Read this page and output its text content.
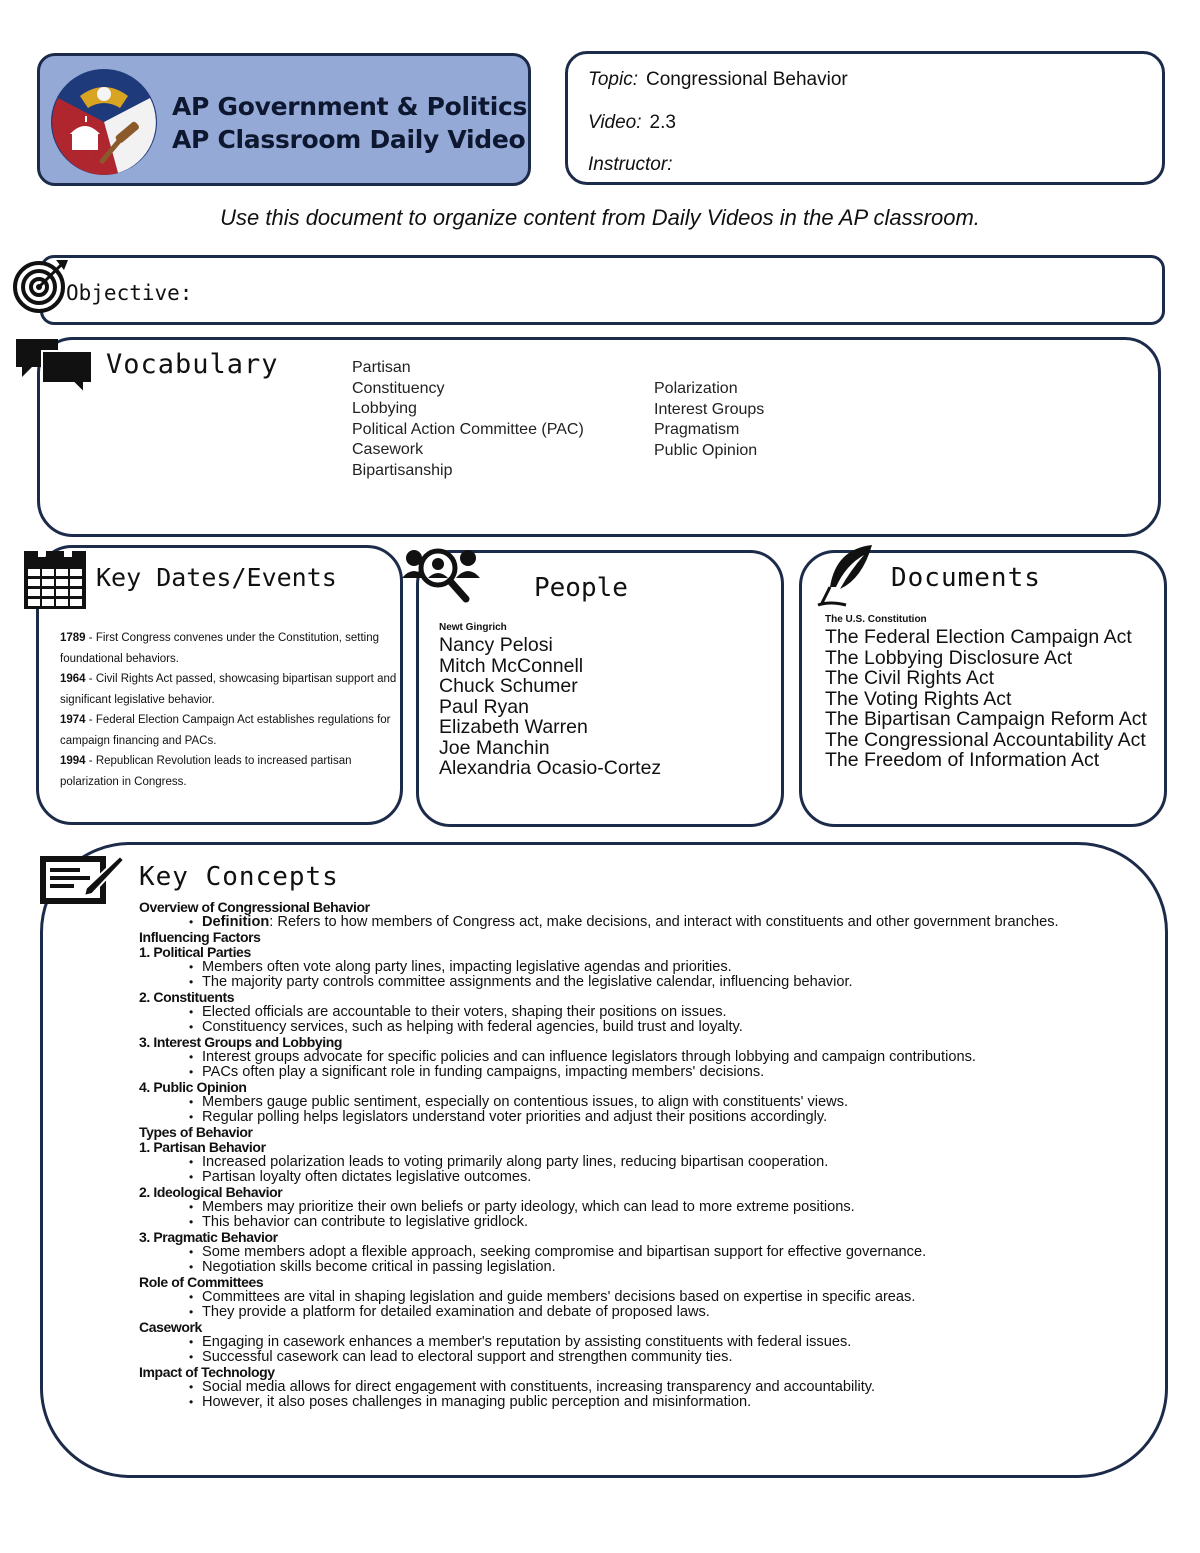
AP Government & Politics
AP Classroom Daily Video
Topic: Congressional Behavior
Video: 2.3
Instructor:
Use this document to organize content from Daily Videos in the AP classroom.
Objective:
Vocabulary	Partisan
Constituency
Lobbying
Political Action Committee (PAC)
Casework
Bipartisanship
Polarization
Interest Groups
Pragmatism
Public Opinion
Key Dates/Events
1789 - First Congress convenes under the Constitution, setting foundational behaviors.
1964 - Civil Rights Act passed, showcasing bipartisan support and significant legislative behavior.
1974 - Federal Election Campaign Act establishes regulations for campaign financing and PACs.
1994 - Republican Revolution leads to increased partisan polarization in Congress.
People
Newt Gingrich
Nancy Pelosi
Mitch McConnell
Chuck Schumer
Paul Ryan
Elizabeth Warren
Joe Manchin
Alexandria Ocasio-Cortez
Documents
The U.S. Constitution
The Federal Election Campaign Act
The Lobbying Disclosure Act
The Civil Rights Act
The Voting Rights Act
The Bipartisan Campaign Reform Act
The Congressional Accountability Act
The Freedom of Information Act
Key Concepts
Overview of Congressional Behavior
• Definition: Refers to how members of Congress act, make decisions, and interact with constituents and other government branches.
Influencing Factors
1. Political Parties
• Members often vote along party lines, impacting legislative agendas and priorities.
• The majority party controls committee assignments and the legislative calendar, influencing behavior.
2. Constituents
• Elected officials are accountable to their voters, shaping their positions on issues.
• Constituency services, such as helping with federal agencies, build trust and loyalty.
3. Interest Groups and Lobbying
• Interest groups advocate for specific policies and can influence legislators through lobbying and campaign contributions.
• PACs often play a significant role in funding campaigns, impacting members' decisions.
4. Public Opinion
• Members gauge public sentiment, especially on contentious issues, to align with constituents' views.
• Regular polling helps legislators understand voter priorities and adjust their positions accordingly.
Types of Behavior
1. Partisan Behavior
• Increased polarization leads to voting primarily along party lines, reducing bipartisan cooperation.
• Partisan loyalty often dictates legislative outcomes.
2. Ideological Behavior
• Members may prioritize their own beliefs or party ideology, which can lead to more extreme positions.
• This behavior can contribute to legislative gridlock.
3. Pragmatic Behavior
• Some members adopt a flexible approach, seeking compromise and bipartisan support for effective governance.
• Negotiation skills become critical in passing legislation.
Role of Committees
• Committees are vital in shaping legislation and guide members' decisions based on expertise in specific areas.
• They provide a platform for detailed examination and debate of proposed laws.
Casework
• Engaging in casework enhances a member's reputation by assisting constituents with federal issues.
• Successful casework can lead to electoral support and strengthen community ties.
Impact of Technology
• Social media allows for direct engagement with constituents, increasing transparency and accountability.
• However, it also poses challenges in managing public perception and misinformation.
